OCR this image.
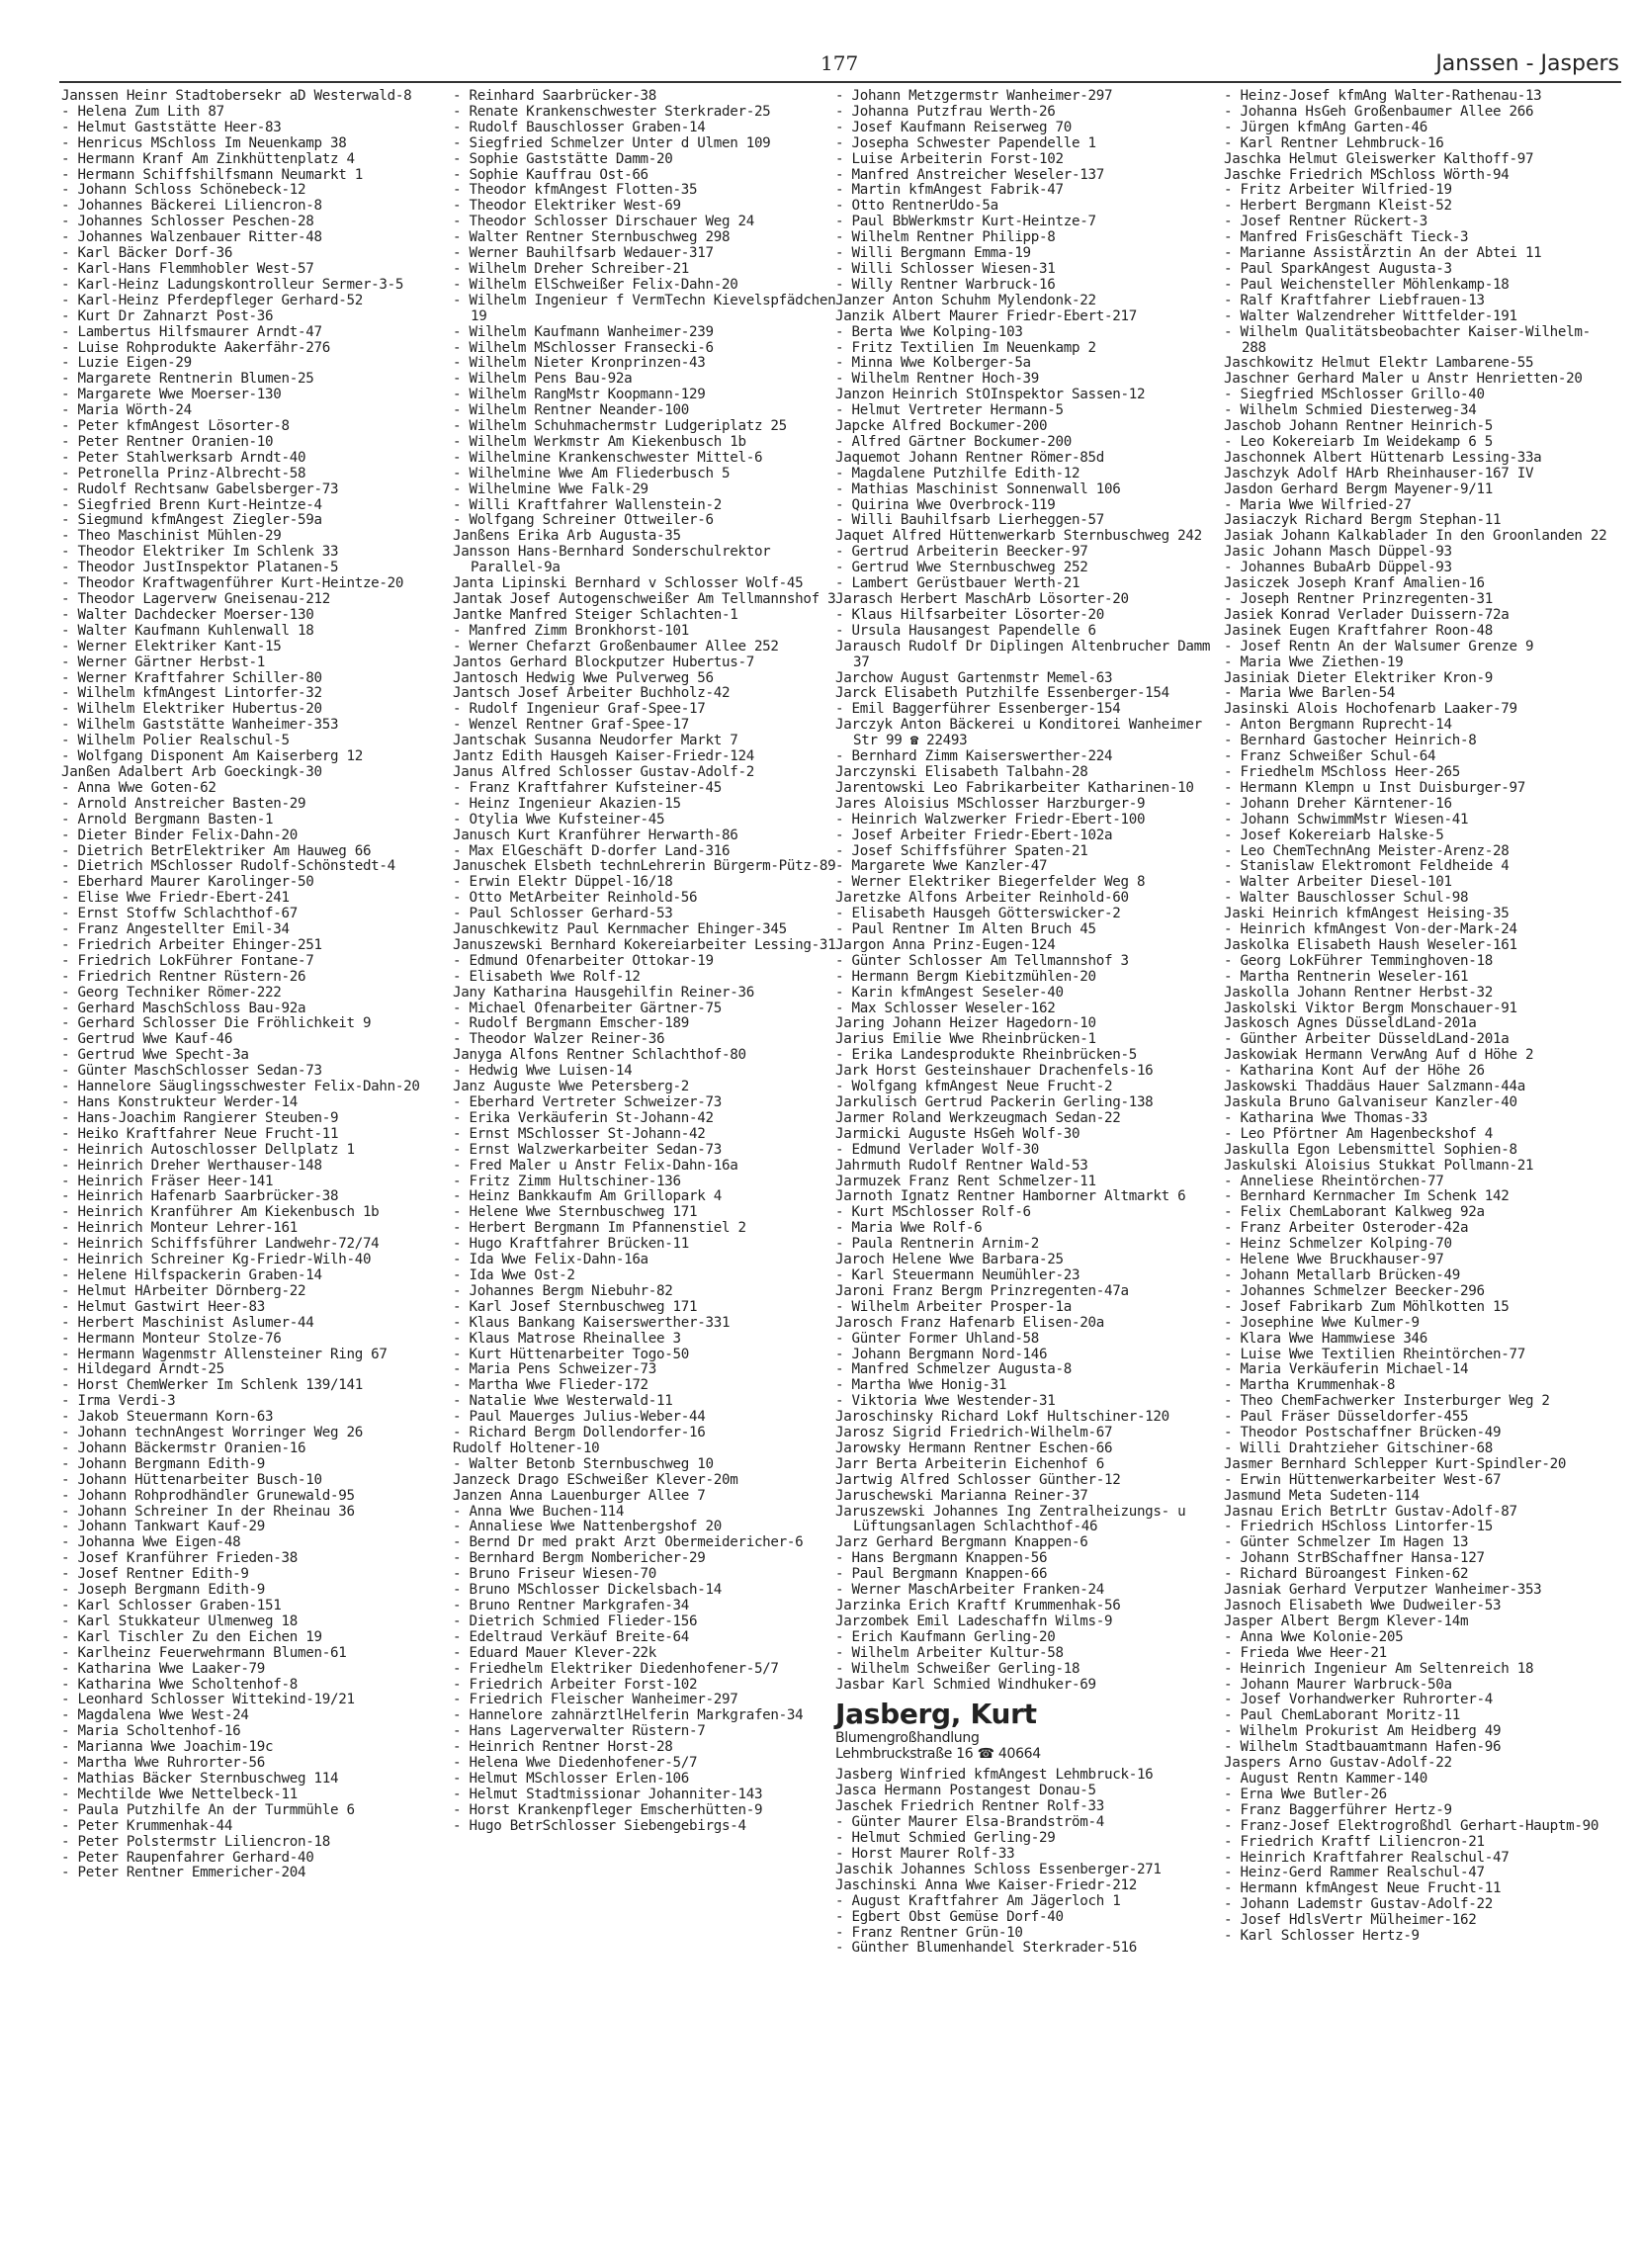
177	Janssen - Jaspers
Janssen Heinr Stadtobersekr aD Westerwald-8
- Helena Zum Lith 87
- Helmut Gaststätte Heer-83
- Henricus MSchloss Im Neuenkamp 38
- Hermann Kranf Am Zinkhüttenplatz 4
- Hermann Schiffshilfsmann Neumarkt 1
- Johann Schloss Schönebeck-12
- Johannes Bäckerei Liliencron-8
- Johannes Schlosser Peschen-28
- Johannes Walzenbauer Ritter-48
- Karl Bäcker Dorf-36
- Karl-Hans Flemmhobler West-57
- Karl-Heinz Ladungskontrolleur Sermer-3-5
- Karl-Heinz Pferdepfleger Gerhard-52
- Kurt Dr Zahnarzt Post-36
- Lambertus Hilfsmaurer Arndt-47
- Luise Rohprodukte Aakerfähr-276
- Luzie Eigen-29
- Margarete Rentnerin Blumen-25
- Margarete Wwe Moerser-130
- Maria Wörth-24
- Peter kfmAngest Lösorter-8
- Peter Rentner Oranien-10
- Peter Stahlwerksarb Arndt-40
- Petronella Prinz-Albrecht-58
- Rudolf Rechtsanw Gabelsberger-73
- Siegfried Brenn Kurt-Heintze-4
- Siegmund kfmAngest Ziegler-59a
- Theo Maschinist Mühlen-29
- Theodor Elektriker Im Schlenk 33
- Theodor JustInspektor Platanen-5
- Theodor Kraftwagenführer Kurt-Heintze-20
- Theodor Lagerverw Gneisenau-212
- Walter Dachdecker Moerser-130
- Walter Kaufmann Kuhlenwall 18
- Werner Elektriker Kant-15
- Werner Gärtner Herbst-1
- Werner Kraftfahrer Schiller-80
- Wilhelm kfmAngest Lintorfer-32
- Wilhelm Elektriker Hubertus-20
- Wilhelm Gaststätte Wanheimer-353
- Wilhelm Polier Realschul-5
- Wolfgang Disponent Am Kaiserberg 12
Janßen Adalbert Arb Goeckingk-30
- Anna Wwe Goten-62
- Arnold Anstreicher Basten-29
- Arnold Bergmann Basten-1
- Dieter Binder Felix-Dahn-20
- Dietrich BetrElektriker Am Hauweg 66
- Dietrich MSchlosser Rudolf-Schönstedt-4
- Eberhard Maurer Karolinger-50
- Elise Wwe Friedr-Ebert-241
- Ernst Stoffw Schlachthof-67
- Franz Angestellter Emil-34
- Friedrich Arbeiter Ehinger-251
- Friedrich LokFührer Fontane-7
- Friedrich Rentner Rüstern-26
- Georg Techniker Römer-222
- Gerhard MaschSchloss Bau-92a
- Gerhard Schlosser Die Fröhlichkeit 9
- Gertrud Wwe Kauf-46
- Gertrud Wwe Specht-3a
- Günter MaschSchlosser Sedan-73
- Hannelore Säuglingsschwester Felix-Dahn-20
- Hans Konstrukteur Werder-14
- Hans-Joachim Rangierer Steuben-9
- Heiko Kraftfahrer Neue Frucht-11
- Heinrich Autoschlosser Dellplatz 1
- Heinrich Dreher Werthauser-148
- Heinrich Fräser Heer-141
- Heinrich Hafenarb Saarbrücker-38
- Heinrich Kranführer Am Kiekenbusch 1b
- Heinrich Monteur Lehrer-161
- Heinrich Schiffsführer Landwehr-72/74
- Heinrich Schreiner Kg-Friedr-Wilh-40
- Helene Hilfspackerin Graben-14
- Helmut HArbeiter Dörnberg-22
- Helmut Gastwirt Heer-83
- Herbert Maschinist Aslumer-44
- Hermann Monteur Stolze-76
- Hermann Wagenmstr Allensteiner Ring 67
- Hildegard Arndt-25
- Horst ChemWerker Im Schlenk 139/141
- Irma Verdi-3
- Jakob Steuermann Korn-63
- Johann technAngest Worringer Weg 26
- Johann Bäckermstr Oranien-16
- Johann Bergmann Edith-9
- Johann Hüttenarbeiter Busch-10
- Johann Rohprodhändler Grunewald-95
- Johann Schreiner In der Rheinau 36
- Johann Tankwart Kauf-29
- Johanna Wwe Eigen-48
- Josef Kranführer Frieden-38
- Josef Rentner Edith-9
- Joseph Bergmann Edith-9
- Karl Schlosser Graben-151
- Karl Stukkateur Ulmenweg 18
- Karl Tischler Zu den Eichen 19
- Karlheinz Feuerwehrmann Blumen-61
- Katharina Wwe Laaker-79
- Katharina Wwe Scholtenhof-8
- Leonhard Schlosser Wittekind-19/21
- Magdalena Wwe West-24
- Maria Scholtenhof-16
- Marianna Wwe Joachim-19c
- Martha Wwe Ruhrorter-56
- Mathias Bäcker Sternbuschweg 114
- Mechtilde Wwe Nettelbeck-11
- Paula Putzhilfe An der Turmmühle 6
- Peter Krummenhak-44
- Peter Polstermstr Liliencron-18
- Peter Raupenfahrer Gerhard-40
- Peter Rentner Emmericher-204
- Reinhard Saarbrücker-38
- Renate Krankenschwester Sterkrader-25
- Rudolf Bauschlosser Graben-14
- Siegfried Schmelzer Unter d Ulmen 109
- Sophie Gaststätte Damm-20
- Sophie Kauffrau Ost-66
- Theodor kfmAngest Flotten-35
- Theodor Elektriker West-69
- Theodor Schlosser Dirschauer Weg 24
- Walter Rentner Sternbuschweg 298
- Werner Bauhilfsarb Wedauer-317
- Wilhelm Dreher Schreiber-21
- Wilhelm ElSchweißer Felix-Dahn-20
- Wilhelm Ingenieur f VermTechn Kievelspfädchen 19
- Wilhelm Kaufmann Wanheimer-239
- Wilhelm MSchlosser Fransecki-6
- Wilhelm Nieter Kronprinzen-43
- Wilhelm Pens Bau-92a
- Wilhelm RangMstr Koopmann-129
- Wilhelm Rentner Neander-100
- Wilhelm Schuhmachermstr Ludgeriplatz 25
- Wilhelm Werkmstr Am Kiekenbusch 1b
- Wilhelmine Krankenschwester Mittel-6
- Wilhelmine Wwe Am Fliederbusch 5
- Wilhelmine Wwe Falk-29
- Willi Kraftfahrer Wallenstein-2
- Wolfgang Schreiner Ottweiler-6
Janßens Erika Arb Augusta-35
Jansson Hans-Bernhard Sonderschulrektor Parallel-9a
Janta Lipinski Bernhard v Schlosser Wolf-45
Jantak Josef Autogenschweißer Am Tellmannshof 3
Jantke Manfred Steiger Schlachten-1
- Manfred Zimm Bronkhorst-101
- Werner Chefarzt Großenbaumer Allee 252
Jantos Gerhard Blockputzer Hubertus-7
Jantosch Hedwig Wwe Pulverweg 56
Jantsch Josef Arbeiter Buchholz-42
- Rudolf Ingenieur Graf-Spee-17
- Wenzel Rentner Graf-Spee-17
Jantschak Susanna Neudorfer Markt 7
Jantz Edith Hausgeh Kaiser-Friedr-124
Janus Alfred Schlosser Gustav-Adolf-2
- Franz Kraftfahrer Kufsteiner-45
- Heinz Ingenieur Akazien-15
- Otylia Wwe Kufsteiner-45
Janusch Kurt Kranführer Herwarth-86
- Max ElGeschäft D-dorfer Land-316
Januschek Elsbeth technLehrerin Bürgerm-Pütz-89
- Erwin Elektr Düppel-16/18
- Otto MetArbeiter Reinhold-56
- Paul Schlosser Gerhard-53
Januschkewitz Paul Kernmacher Ehinger-345
Januszewski Bernhard Kokereiarbeiter Lessing-31
- Edmund Ofenarbeiter Ottokar-19
- Elisabeth Wwe Rolf-12
Jany Katharina Hausgehilfin Reiner-36
- Michael Ofenarbeiter Gärtner-75
- Rudolf Bergmann Emscher-189
- Theodor Walzer Reiner-36
Janyga Alfons Rentner Schlachthof-80
- Hedwig Wwe Luisen-14
Janz Auguste Wwe Petersberg-2
- Eberhard Vertreter Schweizer-73
- Erika Verkäuferin St-Johann-42
- Ernst MSchlosser St-Johann-42
- Ernst Walzwerkarbeiter Sedan-73
- Fred Maler u Anstr Felix-Dahn-16a
- Fritz Zimm Hultschiner-136
- Heinz Bankkaufm Am Grillopark 4
- Helene Wwe Sternbuschweg 171
- Herbert Bergmann Im Pfannenstiel 2
- Hugo Kraftfahrer Brücken-11
- Ida Wwe Felix-Dahn-16a
- Ida Wwe Ost-2
- Johannes Bergm Niebuhr-82
- Karl Josef Sternbuschweg 171
- Klaus Bankang Kaiserswerther-331
- Klaus Matrose Rheinallee 3
- Kurt Hüttenarbeiter Togo-50
- Maria Pens Schweizer-73
- Martha Wwe Flieder-172
- Natalie Wwe Westerwald-11
- Paul Mauerges Julius-Weber-44
- Richard Bergm Dollendorfer-16
Rudolf Holtener-10
- Walter Betonb Sternbuschweg 10
Janzeck Drago ESchweißer Klever-20m
Janzen Anna Lauenburger Allee 7
- Anna Wwe Buchen-114
- Annaliese Wwe Nattenbergshof 20
- Bernd Dr med prakt Arzt Obermeidericher-6
- Bernhard Bergm Nombericher-29
- Bruno Friseur Wiesen-70
- Bruno MSchlosser Dickelsbach-14
- Bruno Rentner Markgrafen-34
- Dietrich Schmied Flieder-156
- Edeltraud Verkäuf Breite-64
- Eduard Mauer Klever-22k
- Friedhelm Elektriker Diedenhofener-5/7
- Friedrich Arbeiter Forst-102
- Friedrich Fleischer Wanheimer-297
- Hannelore zahnärztlHelferin Markgrafen-34
- Hans Lagerverwalter Rüstern-7
- Heinrich Rentner Horst-28
- Helena Wwe Diedenhofener-5/7
- Helmut MSchlosser Erlen-106
- Helmut Stadtmissionar Johanniter-143
- Horst Krankenpfleger Emscherhütten-9
- Hugo BetrSchlosser Siebengebirgs-4
- Johann Metzgermstr Wanheimer-297
- Johanna Putzfrau Werth-26
- Josef Kaufmann Reiserweg 70
- Josepha Schwester Papendelle 1
- Luise Arbeiterin Forst-102
- Manfred Anstreicher Weseler-137
- Martin kfmAngest Fabrik-47
- Otto RentnerUdo-5a
- Paul BbWerkmstr Kurt-Heintze-7
- Wilhelm Rentner Philipp-8
- Willi Bergmann Emma-19
- Willi Schlosser Wiesen-31
- Willy Rentner Warbruck-16
Janzer Anton Schuhm Mylendonk-22
Janzik Albert Maurer Friedr-Ebert-217
- Berta Wwe Kolping-103
- Fritz Textilien Im Neuenkamp 2
- Minna Wwe Kolberger-5a
- Wilhelm Rentner Hoch-39
Janzon Heinrich StOInspektor Sassen-12
- Helmut Vertreter Hermann-5
Japcke Alfred Bockumer-200
- Alfred Gärtner Bockumer-200
Jaquemot Johann Rentner Römer-85d
- Magdalene Putzhilfe Edith-12
- Mathias Maschinist Sonnenwall 106
- Quirina Wwe Overbrock-119
- Willi Bauhilfsarb Lierheggen-57
Jaquet Alfred Hüttenwerkarb Sternbuschweg 242
- Gertrud Arbeiterin Beecker-97
- Gertrud Wwe Sternbuschweg 252
- Lambert Gerüstbauer Werth-21
Jarasch Herbert MaschArb Lösorter-20
- Klaus Hilfsarbeiter Lösorter-20
- Ursula Hausangest Papendelle 6
Jarausch Rudolf Dr Diplingen Altenbrucher Damm 37
Jarchow August Gartenmstr Memel-63
Jarck Elisabeth Putzhilfe Essenberger-154
- Emil Baggerführer Essenberger-154
Jarczyk Anton Bäckerei u Konditorei Wanheimer Str 99 ☎ 22493
- Bernhard Zimm Kaiserswerther-224
Jarczynski Elisabeth Talbahn-28
Jarentowski Leo Fabrikarbeiter Katharinen-10
Jares Aloisius MSchlosser Harzburger-9
- Heinrich Walzwerker Friedr-Ebert-100
- Josef Arbeiter Friedr-Ebert-102a
- Josef Schiffsführer Spaten-21
- Margarete Wwe Kanzler-47
- Werner Elektriker Biegerfelder Weg 8
Jaretzke Alfons Arbeiter Reinhold-60
- Elisabeth Hausgeh Götterswicker-2
- Paul Rentner Im Alten Bruch 45
Jargon Anna Prinz-Eugen-124
- Günter Schlosser Am Tellmannshof 3
- Hermann Bergm Kiebitzmühlen-20
- Karin kfmAngest Seseler-40
- Max Schlosser Weseler-162
Jaring Johann Heizer Hagedorn-10
Jarius Emilie Wwe Rheinbrücken-1
- Erika Landesprodukte Rheinbrücken-5
Jark Horst Gesteinshauer Drachenfels-16
- Wolfgang kfmAngest Neue Frucht-2
Jarkulisch Gertrud Packerin Gerling-138
Jarmer Roland Werkzeugmach Sedan-22
Jarmicki Auguste HsGeh Wolf-30
- Edmund Verlader Wolf-30
Jahrmuth Rudolf Rentner Wald-53
Jarmuzek Franz Rent Schmelzer-11
Jarnoth Ignatz Rentner Hamborner Altmarkt 6
- Kurt MSchlosser Rolf-6
- Maria Wwe Rolf-6
- Paula Rentnerin Arnim-2
Jaroch Helene Wwe Barbara-25
- Karl Steuermann Neumühler-23
Jaroni Franz Bergm Prinzregenten-47a
- Wilhelm Arbeiter Prosper-1a
Jarosch Franz Hafenarb Elisen-20a
- Günter Former Uhland-58
- Johann Bergmann Nord-146
- Manfred Schmelzer Augusta-8
- Martha Wwe Honig-31
- Viktoria Wwe Westender-31
Jaroschinsky Richard Lokf Hultschiner-120
Jarosz Sigrid Friedrich-Wilhelm-67
Jarowsky Hermann Rentner Eschen-66
Jarr Berta Arbeiterin Eichenhof 6
Jartwig Alfred Schlosser Günther-12
Jaruschewski Marianna Reiner-37
Jaruszewski Johannes Ing Zentralheizungs- u Lüftungsanlagen Schlachthof-46
Jarz Gerhard Bergmann Knappen-6
- Hans Bergmann Knappen-56
- Paul Bergmann Knappen-66
- Werner MaschArbeiter Franken-24
Jarzinka Erich Kraftf Krummenhak-56
Jarzombek Emil Ladeschaffn Wilms-9
- Erich Kaufmann Gerling-20
- Wilhelm Arbeiter Kultur-58
- Wilhelm Schweißer Gerling-18
Jasbar Karl Schmied Windhuker-69
Jasberg, Kurt
Blumengroßhandlung
Lehmbruckstraße 16 ☎ 40664
Jasberg Winfried kfmAngest Lehmbruck-16
Jasca Hermann Postangest Donau-5
Jaschek Friedrich Rentner Rolf-33
- Günter Maurer Elsa-Brandström-4
- Helmut Schmied Gerling-29
- Horst Maurer Rolf-33
Jaschik Johannes Schloss Essenberger-271
Jaschinski Anna Wwe Kaiser-Friedr-212
- August Kraftfahrer Am Jägerloch 1
- Egbert Obst Gemüse Dorf-40
- Franz Rentner Grün-10
- Günther Blumenhandel Sterkrader-516
- Heinz-Josef kfmAng Walter-Rathenau-13
- Johanna HsGeh Großenbaumer Allee 266
- Jürgen kfmAng Garten-46
- Karl Rentner Lehmbruck-16
Jaschka Helmut Gleiswerker Kalthoff-97
Jaschke Friedrich MSchloss Wörth-94
- Fritz Arbeiter Wilfried-19
- Herbert Bergmann Kleist-52
- Josef Rentner Rückert-3
- Manfred FrisGeschäft Tieck-3
- Marianne AssistÄrztin An der Abtei 11
- Paul SparkAngest Augusta-3
- Paul Weichensteller Möhlenkamp-18
- Ralf Kraftfahrer Liebfrauen-13
- Walter Walzendreher Wittfelder-191
- Wilhelm Qualitätsbeobachter Kaiser-Wilhelm-288
Jaschkowitz Helmut Elektr Lambarene-55
Jaschner Gerhard Maler u Anstr Henrietten-20
- Siegfried MSchlosser Grillo-40
- Wilhelm Schmied Diesterweg-34
Jaschob Johann Rentner Heinrich-5
- Leo Kokereiarb Im Weidekamp 6 5
Jaschonnek Albert Hüttenarb Lessing-33a
Jaschzyk Adolf HArb Rheinhauser-167 IV
Jasdon Gerhard Bergm Mayener-9/11
- Maria Wwe Wilfried-27
Jasiaczyk Richard Bergm Stephan-11
Jasiak Johann Kalkablader In den Groonlanden 22
Jasic Johann Masch Düppel-93
- Johannes BubaArb Düppel-93
Jasiczek Joseph Kranf Amalien-16
- Joseph Rentner Prinzregenten-31
Jasiek Konrad Verlader Duissern-72a
Jasinek Eugen Kraftfahrer Roon-48
- Josef Rentn An der Walsumer Grenze 9
- Maria Wwe Ziethen-19
Jasiniak Dieter Elektriker Kron-9
- Maria Wwe Barlen-54
Jasinski Alois Hochofenarb Laaker-79
- Anton Bergmann Ruprecht-14
- Bernhard Gastocher Heinrich-8
- Franz Schweißer Schul-64
- Friedhelm MSchloss Heer-265
- Hermann Klempn u Inst Duisburger-97
- Johann Dreher Kärntener-16
- Johann SchwimmMstr Wiesen-41
- Josef Kokereiarb Halske-5
- Leo ChemTechnAng Meister-Arenz-28
- Stanislaw Elektromont Feldheide 4
- Walter Arbeiter Diesel-101
- Walter Bauschlosser Schul-98
Jaski Heinrich kfmAngest Heising-35
- Heinrich kfmAngest Von-der-Mark-24
Jaskolka Elisabeth Haush Weseler-161
- Georg LokFührer Temminghoven-18
- Martha Rentnerin Weseler-161
Jaskolla Johann Rentner Herbst-32
Jaskolski Viktor Bergm Monschauer-91
Jaskosch Agnes DüsseldLand-201a
- Günther Arbeiter DüsseldLand-201a
Jaskowiak Hermann VerwAng Auf d Höhe 2
- Katharina Kont Auf der Höhe 26
Jaskowski Thaddäus Hauer Salzmann-44a
Jaskula Bruno Galvaniseur Kanzler-40
- Katharina Wwe Thomas-33
- Leo Pförtner Am Hagenbeckshof 4
Jaskulla Egon Lebensmittel Sophien-8
Jaskulski Aloisius Stukkat Pollmann-21
- Anneliese Rheintörchen-77
- Bernhard Kernmacher Im Schenk 142
- Felix ChemLaborant Kalkweg 92a
- Franz Arbeiter Osteroder-42a
- Heinz Schmelzer Kolping-70
- Helene Wwe Bruckhauser-97
- Johann Metallarb Brücken-49
- Johannes Schmelzer Beecker-296
- Josef Fabrikarb Zum Möhlkotten 15
- Josephine Wwe Kulmer-9
- Klara Wwe Hammwiese 346
- Luise Wwe Textilien Rheintörchen-77
- Maria Verkäuferin Michael-14
- Martha Krummenhak-8
- Theo ChemFachwerker Insterburger Weg 2
- Paul Fräser Düsseldorfer-455
- Theodor Postschaffner Brücken-49
- Willi Drahtzieher Gitschiner-68
Jasmer Bernhard Schlepper Kurt-Spindler-20
- Erwin Hüttenwerkarbeiter West-67
Jasmund Meta Sudeten-114
Jasnau Erich BetrLtr Gustav-Adolf-87
- Friedrich HSchloss Lintorfer-15
- Günter Schmelzer Im Hagen 13
- Johann StrBSchaffner Hansa-127
- Richard Büroangest Finken-62
Jasniak Gerhard Verputzer Wanheimer-353
Jasnoch Elisabeth Wwe Dudweiler-53
Jasper Albert Bergm Klever-14m
- Anna Wwe Kolonie-205
- Frieda Wwe Heer-21
- Heinrich Ingenieur Am Seltenreich 18
- Johann Maurer Warbruck-50a
- Josef Vorhandwerker Ruhrorter-4
- Paul ChemLaborant Moritz-11
- Wilhelm Prokurist Am Heidberg 49
- Wilhelm Stadtbauamtmann Hafen-96
Jaspers Arno Gustav-Adolf-22
- August Rentn Kammer-140
- Erna Wwe Butler-26
- Franz Baggerführer Hertz-9
- Franz-Josef Elektrogroßhdl Gerhart-Hauptm-90
- Friedrich Kraftf Liliencron-21
- Heinrich Kraftfahrer Realschul-47
- Heinz-Gerd Rammer Realschul-47
- Hermann kfmAngest Neue Frucht-11
- Johann Lademstr Gustav-Adolf-22
- Josef HdlsVertr Mülheimer-162
- Karl Schlosser Hertz-9
